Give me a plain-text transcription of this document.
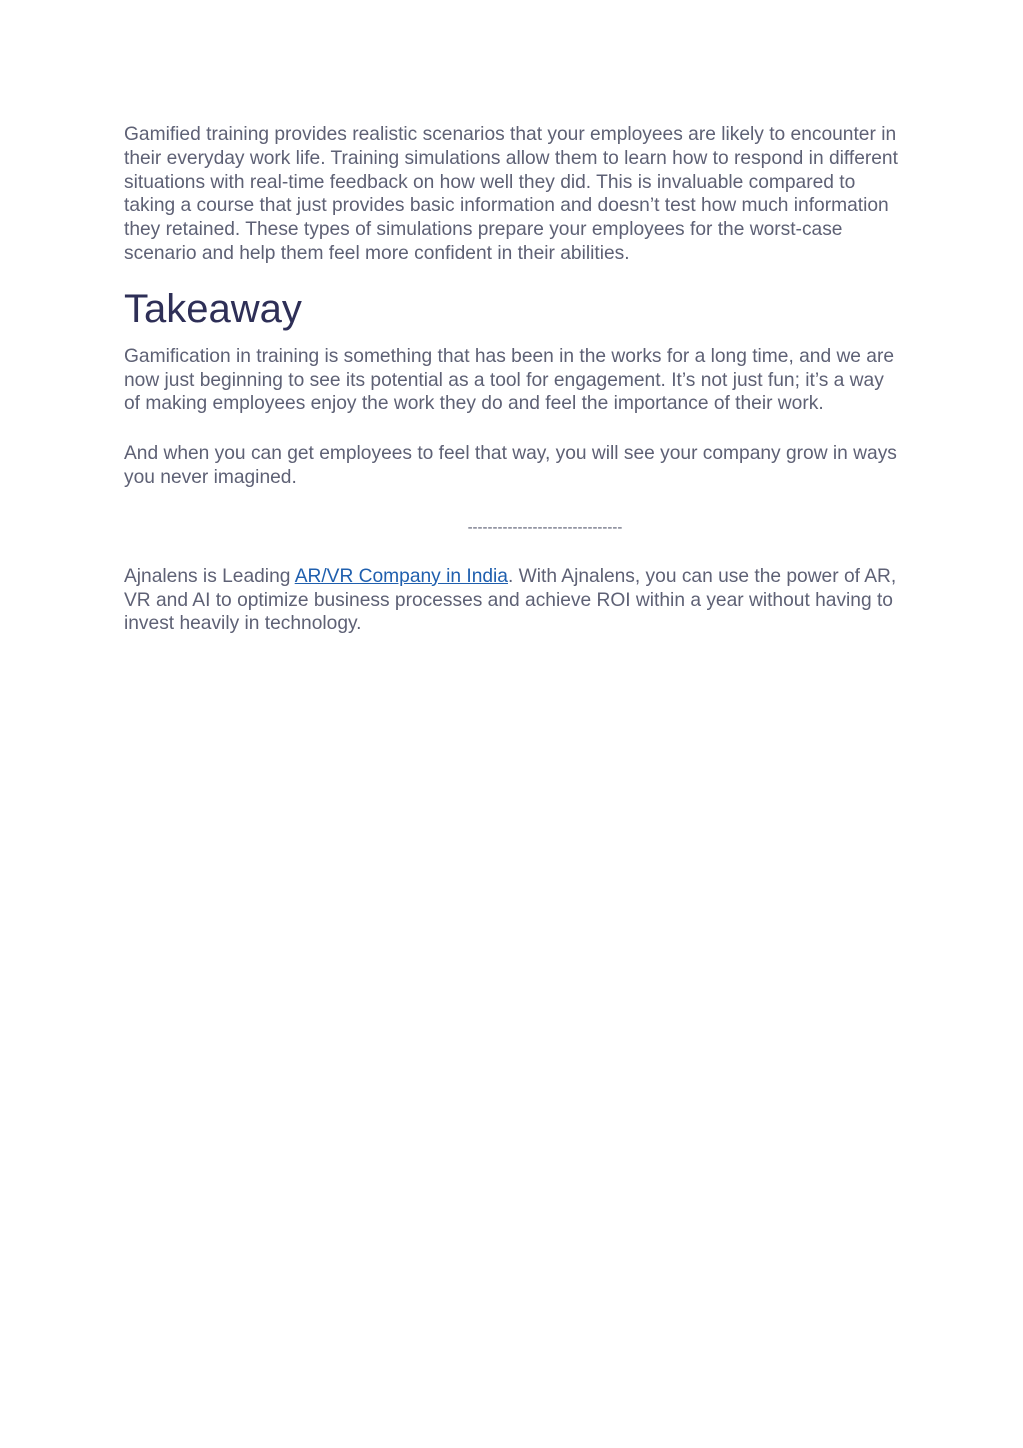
Gamified training provides realistic scenarios that your employees are likely to encounter in their everyday work life. Training simulations allow them to learn how to respond in different situations with real-time feedback on how well they did. This is invaluable compared to taking a course that just provides basic information and doesn’t test how much information they retained. These types of simulations prepare your employees for the worst-case scenario and help them feel more confident in their abilities.

Takeaway

Gamification in training is something that has been in the works for a long time, and we are now just beginning to see its potential as a tool for engagement. It’s not just fun; it’s a way of making employees enjoy the work they do and feel the importance of their work.

And when you can get employees to feel that way, you will see your company grow in ways you never imagined.

-------------------------------

Ajnalens is Leading AR/VR Company in India. With Ajnalens, you can use the power of AR, VR and AI to optimize business processes and achieve ROI within a year without having to invest heavily in technology.
